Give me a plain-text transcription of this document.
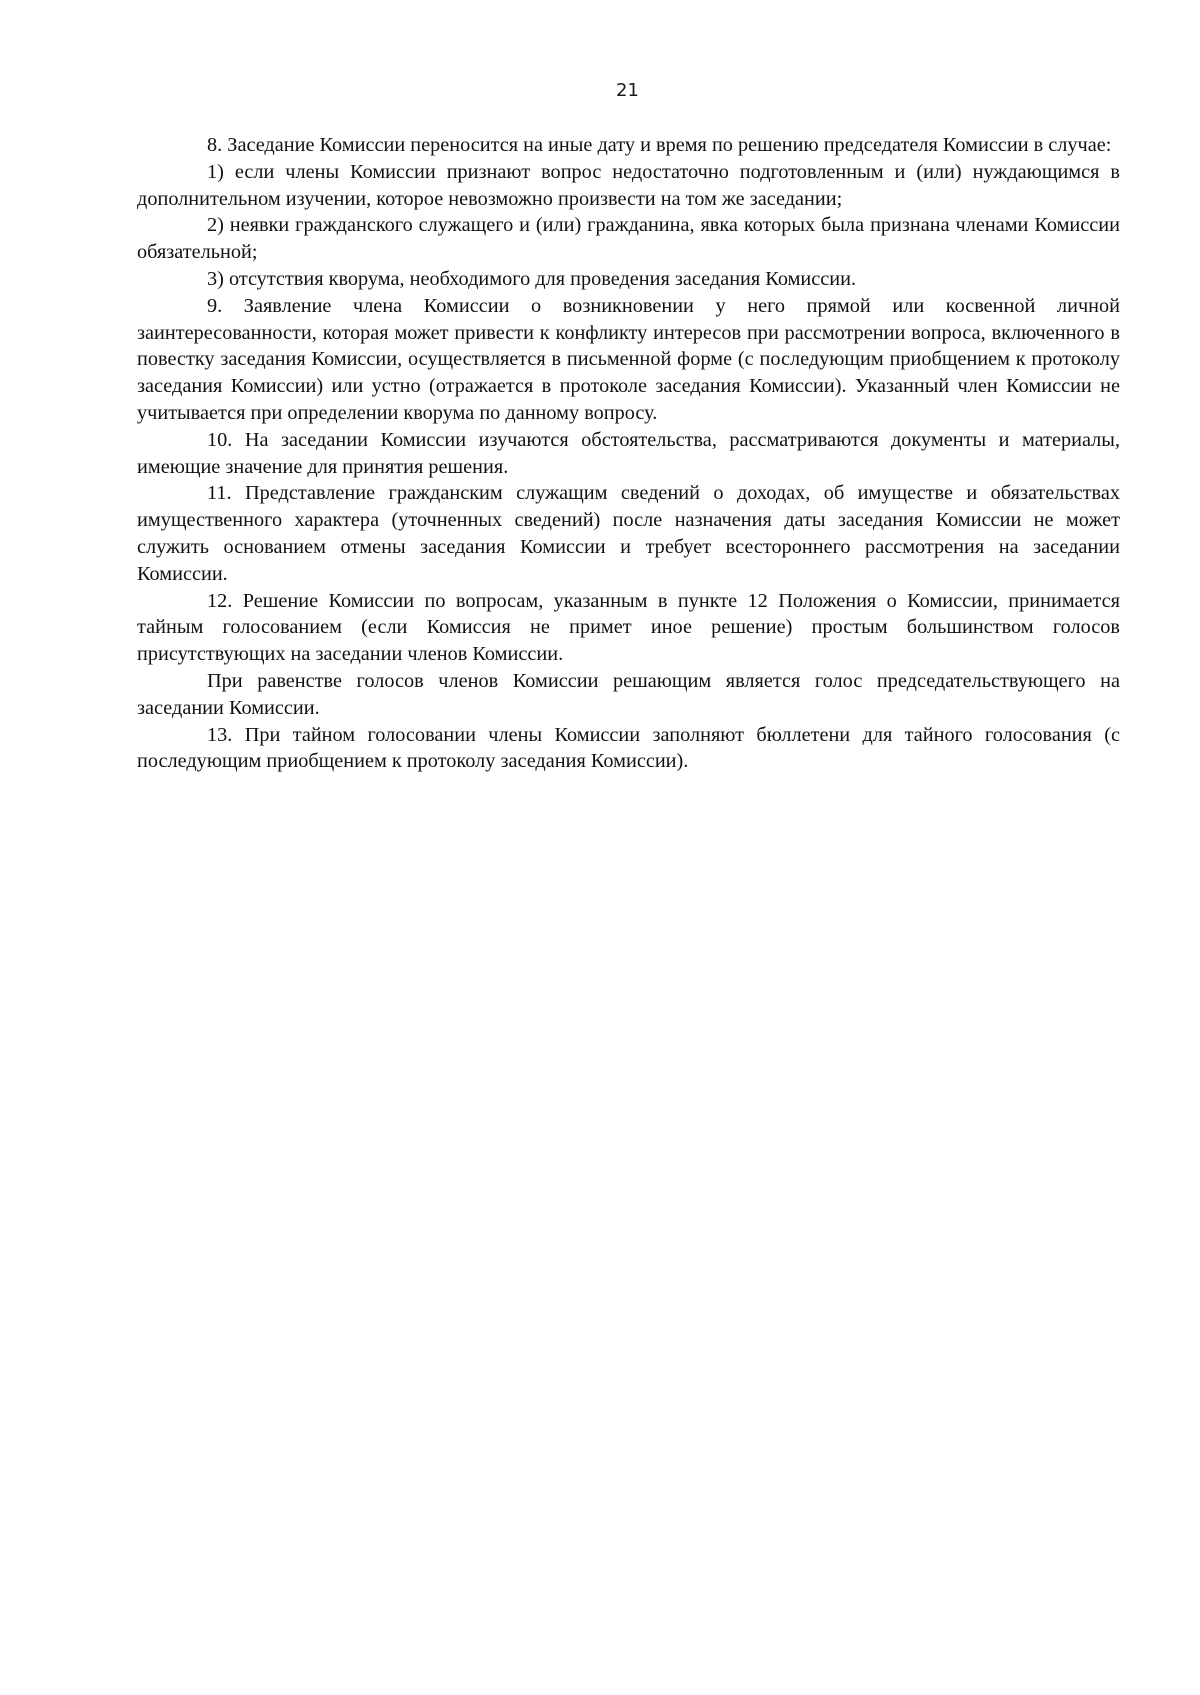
21

8. Заседание Комиссии переносится на иные дату и время по решению председателя Комиссии в случае:

1) если члены Комиссии признают вопрос недостаточно подготовленным и (или) нуждающимся в дополнительном изучении, которое невозможно произвести на том же заседании;

2) неявки гражданского служащего и (или) гражданина, явка которых была признана членами Комиссии обязательной;

3) отсутствия кворума, необходимого для проведения заседания Комиссии.

9. Заявление члена Комиссии о возникновении у него прямой или косвенной личной заинтересованности, которая может привести к конфликту интересов при рассмотрении вопроса, включенного в повестку заседания Комиссии, осуществляется в письменной форме (с последующим приобщением к протоколу заседания Комиссии) или устно (отражается в протоколе заседания Комиссии). Указанный член Комиссии не учитывается при определении кворума по данному вопросу.

10. На заседании Комиссии изучаются обстоятельства, рассматриваются документы и материалы, имеющие значение для принятия решения.

11. Представление гражданским служащим сведений о доходах, об имуществе и обязательствах имущественного характера (уточненных сведений) после назначения даты заседания Комиссии не может служить основанием отмены заседания Комиссии и требует всестороннего рассмотрения на заседании Комиссии.

12. Решение Комиссии по вопросам, указанным в пункте 12 Положения о Комиссии, принимается тайным голосованием (если Комиссия не примет иное решение) простым большинством голосов присутствующих на заседании членов Комиссии.

При равенстве голосов членов Комиссии решающим является голос председательствующего на заседании Комиссии.

13. При тайном голосовании члены Комиссии заполняют бюллетени для тайного голосования (с последующим приобщением к протоколу заседания Комиссии).
